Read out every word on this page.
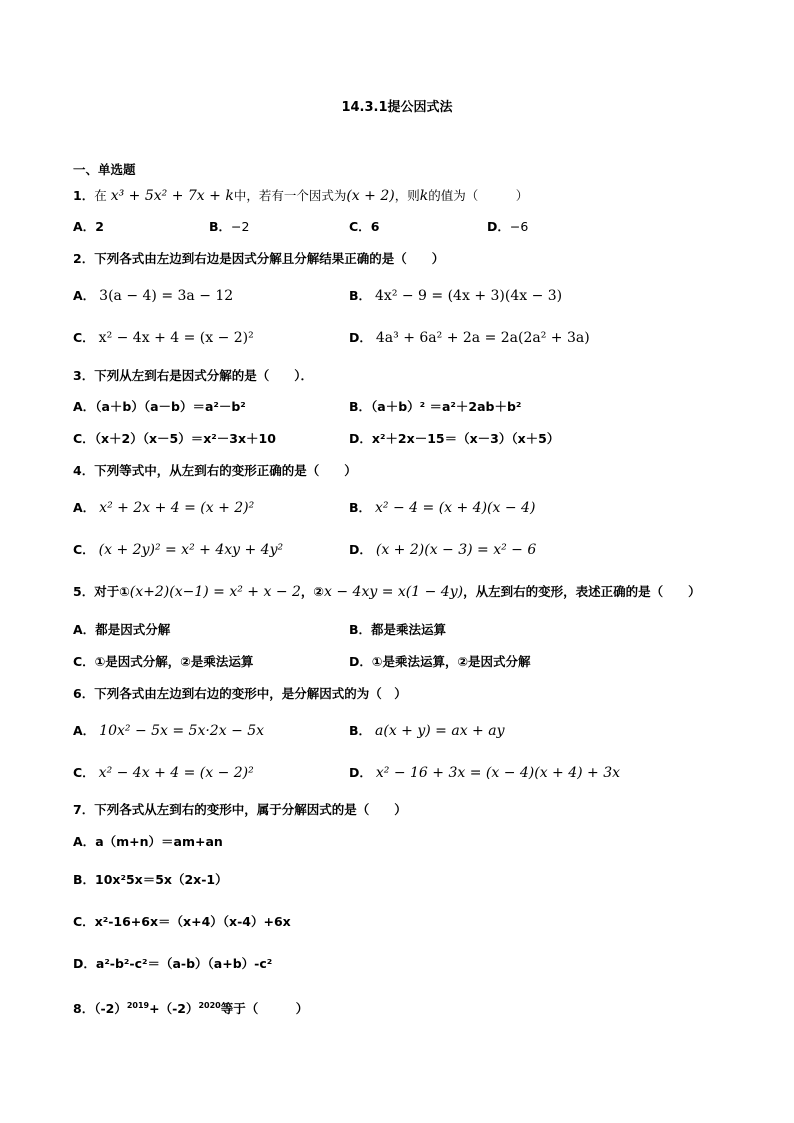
14.3.1提公因式法
一、单选题
1．在 x³ + 5x² + 7x + k中，若有一个因式为(x + 2)，则k的值为（　　　）
A．2	B．−2	C．6	D．−6
2．下列各式由左边到右边是因式分解且分解结果正确的是（　　）
A． 3(a − 4) = 3a − 12	B． 4x² − 9 = (4x + 3)(4x − 3)
C． x² − 4x + 4 = (x − 2)²	D． 4a³ + 6a² + 2a = 2a(2a² + 3a)
3．下列从左到右是因式分解的是（　　）．
A．（a＋b）（a－b）＝a²－b²	B．（a＋b）² ＝a²＋2ab＋b²
C．（x＋2）（x－5）＝x²－3x＋10	D．x²＋2x－15＝（x－3）（x＋5）
4．下列等式中，从左到右的变形正确的是（　　）
A． x² + 2x + 4 = (x + 2)²	B． x² − 4 = (x + 4)(x − 4)
C． (x + 2y)² = x² + 4xy + 4y²	D． (x + 2)(x − 3) = x² − 6
5．对于①(x+2)(x−1) = x² + x − 2，②x − 4xy = x(1 − 4y)，从左到右的变形，表述正确的是（　　）
A．都是因式分解	B．都是乘法运算
C．①是因式分解，②是乘法运算	D．①是乘法运算，②是因式分解
6．下列各式由左边到右边的变形中，是分解因式的为（　）
A． 10x² − 5x = 5x·2x − 5x	B． a(x + y) = ax + ay
C． x² − 4x + 4 = (x − 2)²	D． x² − 16 + 3x = (x − 4)(x + 4) + 3x
7．下列各式从左到右的变形中，属于分解因式的是（　　）
A．a（m+n）＝am+an
B．10x²5x＝5x（2x-1）
C．x²-16+6x＝（x+4）（x-4）+6x
D．a²-b²-c²＝（a-b）（a+b）-c²
8．$(-2)^{2019}+(-2)^{2020}$等于（　　　）
